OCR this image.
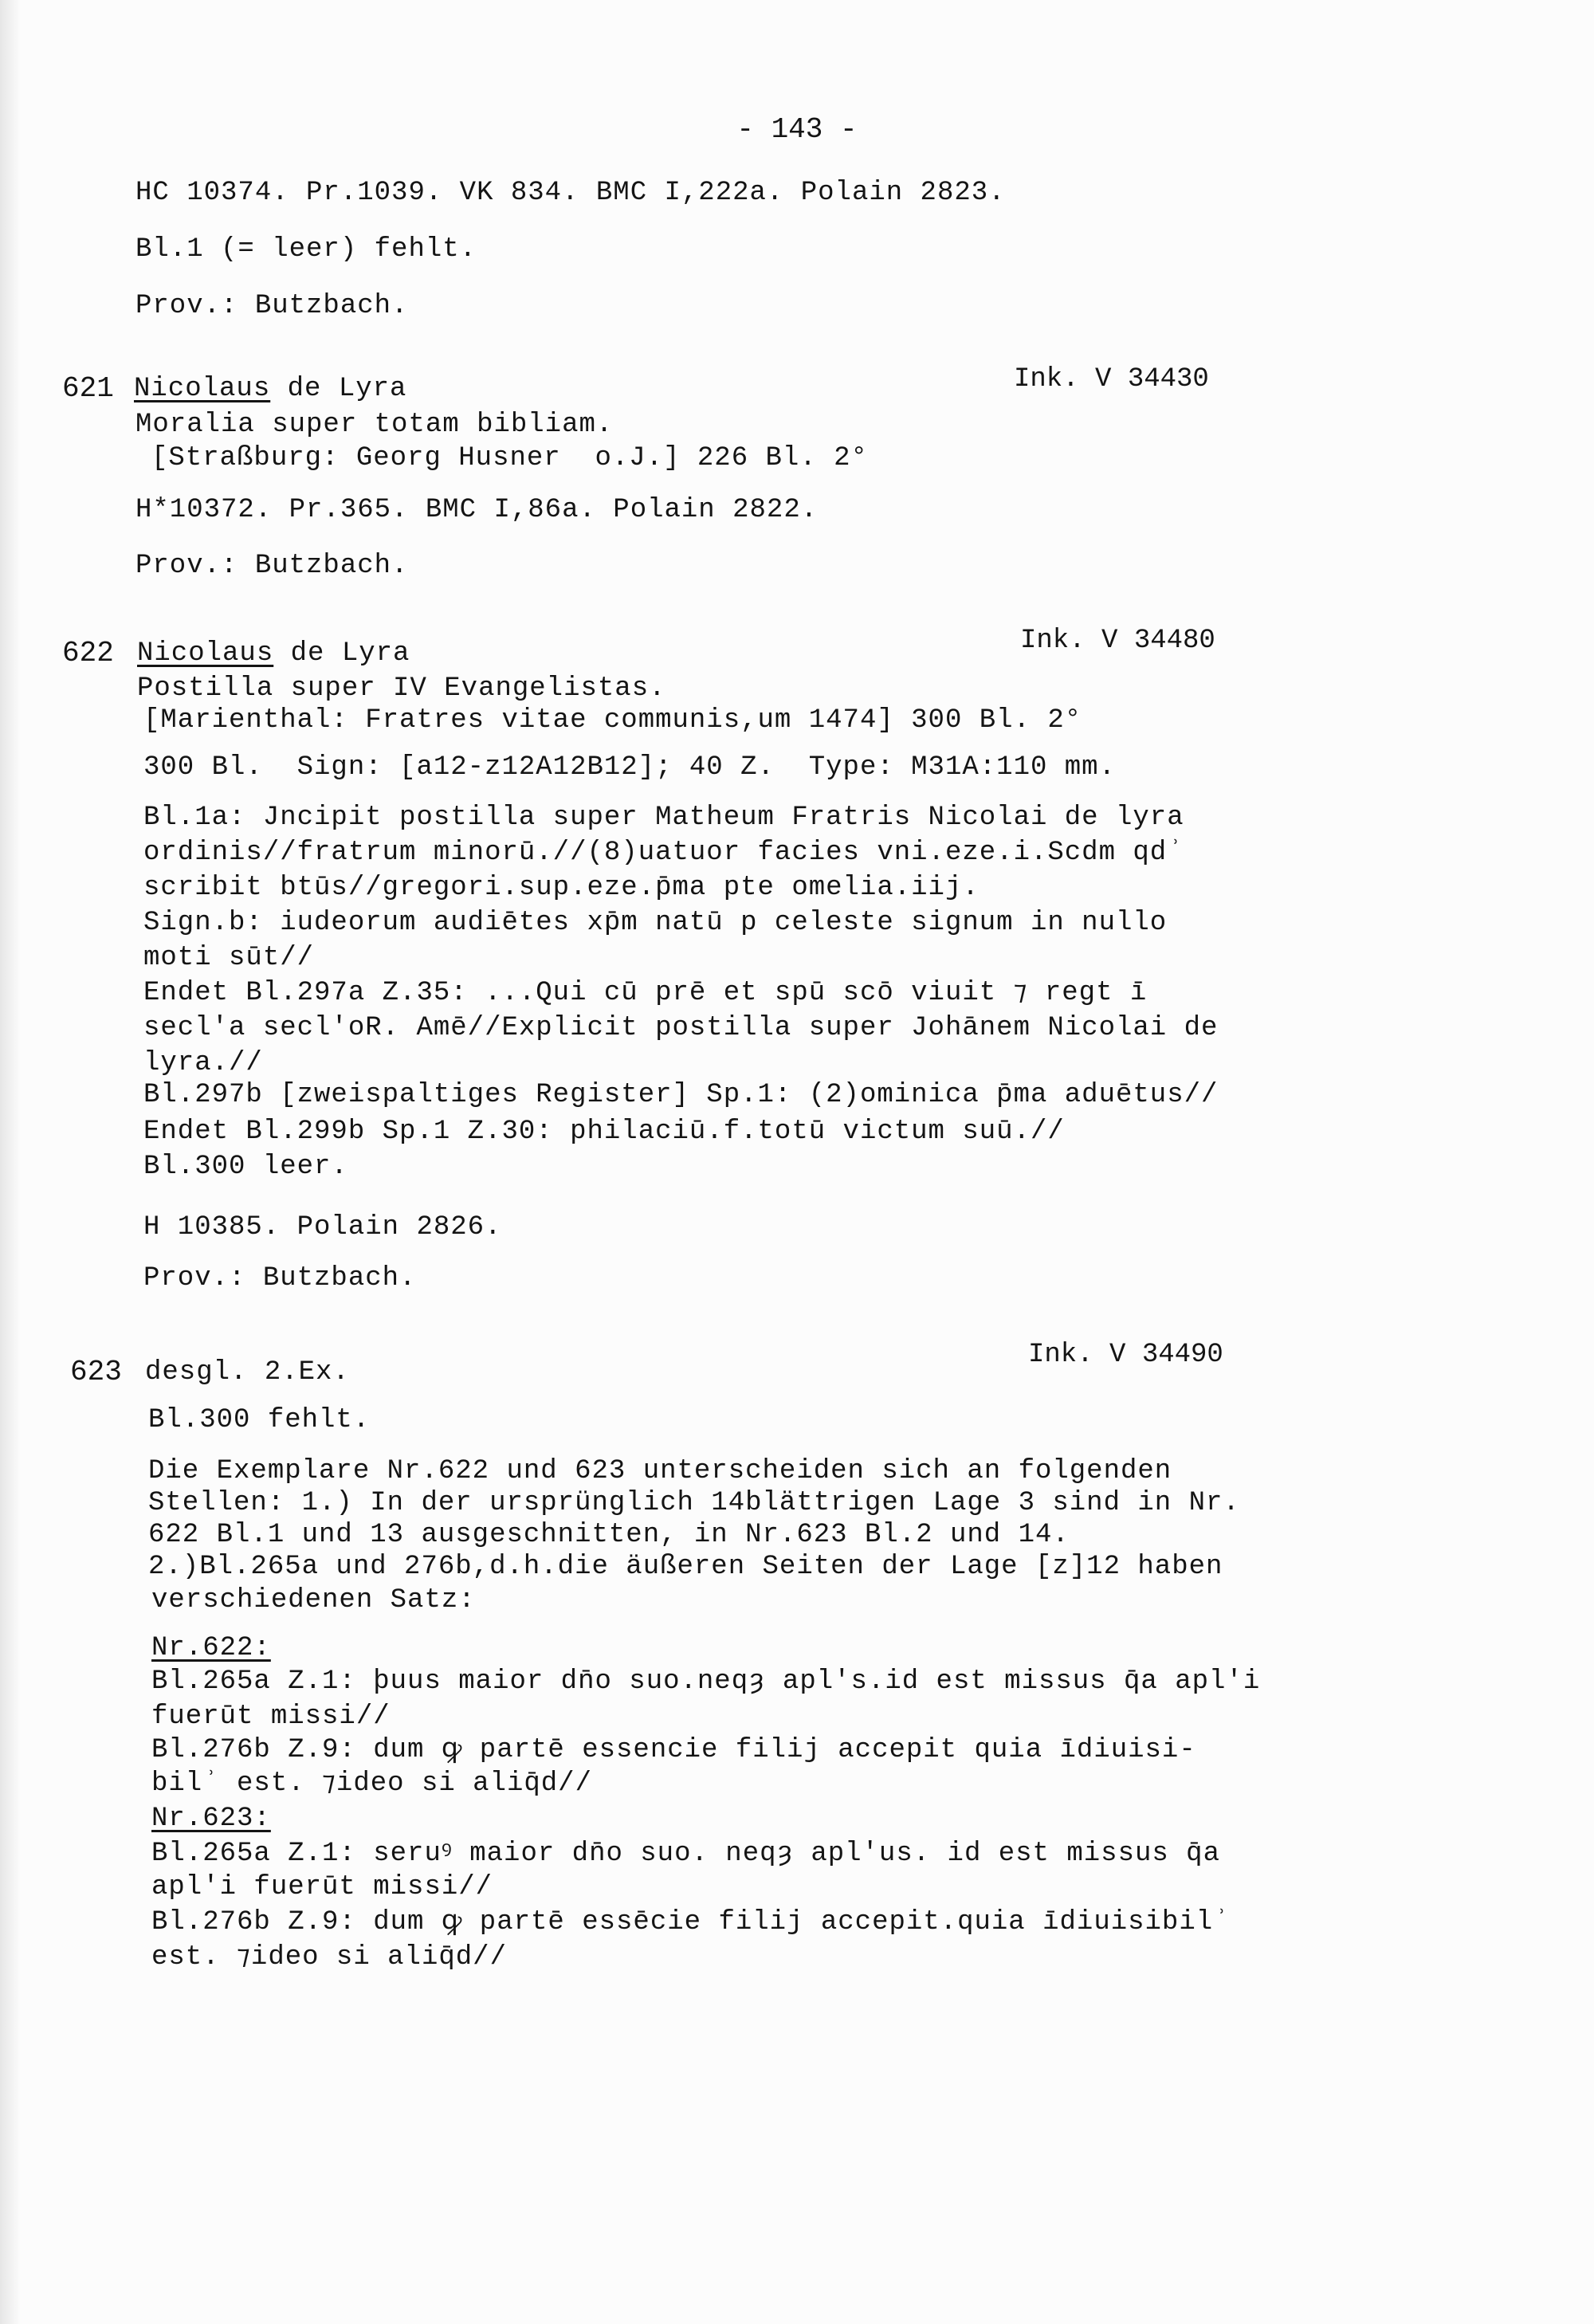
- 143 -
HC 10374. Pr.1039. VK 834. BMC I,222a. Polain 2823.
Bl.1 (= leer) fehlt.
Prov.: Butzbach.
621 Nicolaus de Lyra	Ink. V 34430
Moralia super totam bibliam.
[Straßburg: Georg Husner  o.J.] 226 Bl. 2°
H*10372. Pr.365. BMC I,86a. Polain 2822.
Prov.: Butzbach.
622 Nicolaus de Lyra	Ink. V 34480
Postilla super IV Evangelistas.
[Marienthal: Fratres vitae communis,um 1474] 300 Bl. 2°
300 Bl.  Sign: [a12-z12A12B12]; 40 Z.  Type: M31A:110 mm.
Bl.1a: Jncipit postilla super Matheum Fratris Nicolai de lyra
ordinis//fratrum minorū.//(8)uatuor facies vni.eze.i.Scdm qdʾ
scribit btūs//gregori.sup.eze.p̄ma pte omelia.iij.
Sign.b: iudeorum audiētes xp̄m natū p celeste signum in nullo
moti sūt//
Endet Bl.297a Z.35: ...Qui cū prē et spū scō viuit ⁊ regt ī
secl'a secl'oR. Amē//Explicit postilla super Johānem Nicolai de
lyra.//
Bl.297b [zweispaltiges Register] Sp.1: (2)ominica p̄ma aduētus//
Endet Bl.299b Sp.1 Z.30: philaciū.f.totū victum suū.//
Bl.300 leer.
H 10385. Polain 2826.
Prov.: Butzbach.
623 desgl. 2.Ex.
Ink. V 34490
Bl.300 fehlt.
Die Exemplare Nr.622 und 623 unterscheiden sich an folgenden
Stellen: 1.) In der ursprünglich 14blättrigen Lage 3 sind in Nr.
622 Bl.1 und 13 ausgeschnitten, in Nr.623 Bl.2 und 14.
2.)Bl.265a und 276b,d.h.die äußeren Seiten der Lage [z]12 haben
verschiedenen Satz:
Nr.622:
Bl.265a Z.1: þuus maior dn̄o suo.neqȝ apl's.id est missus q̄a apl'i
fuerūt missi//
Bl.276b Z.9: dum ꝙ partē essencie filij accepit quia īdiuisi-
bilʾ est. ⁊ideo si aliq̄d//
Nr.623:
Bl.265a Z.1: seruꝰ maior dn̄o suo. neqȝ apl'us. id est missus q̄a
apl'i fuerūt missi//
Bl.276b Z.9: dum ꝙ partē essēcie filij accepit.quia īdiuisibilʾ
est. ⁊ideo si aliq̄d//
